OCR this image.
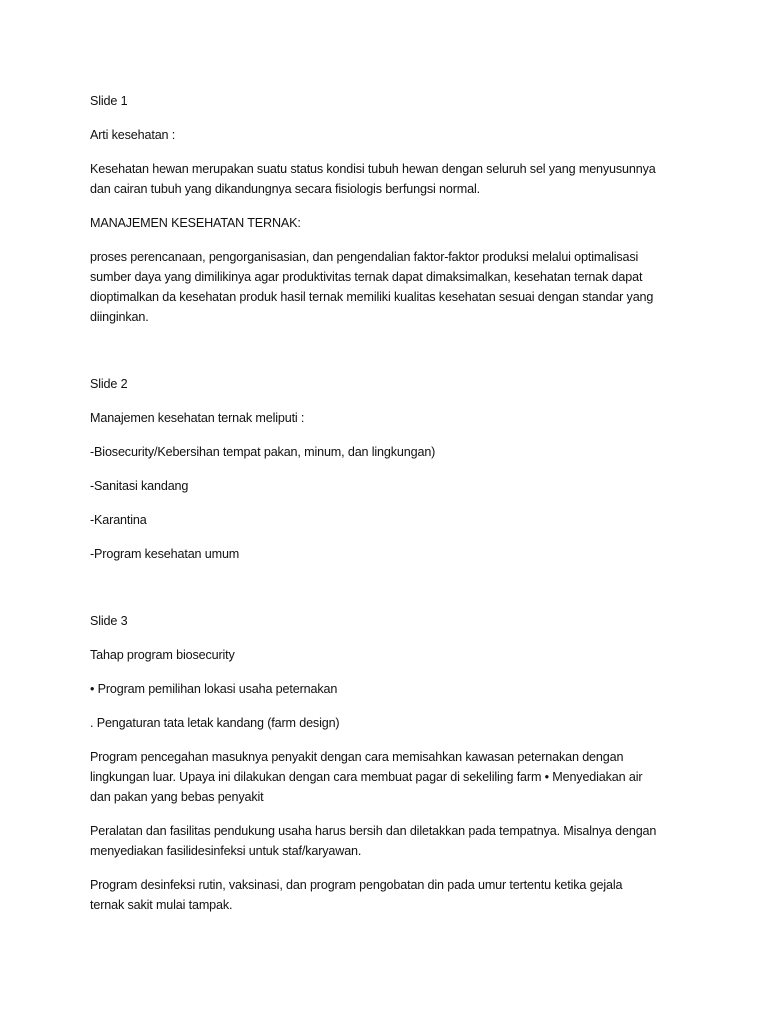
Slide 1

Arti kesehatan :

Kesehatan hewan merupakan suatu status kondisi tubuh hewan dengan seluruh sel yang menyusunnya
dan cairan tubuh yang dikandungnya secara fisiologis berfungsi normal.

MANAJEMEN KESEHATAN TERNAK:

proses perencanaan, pengorganisasian, dan pengendalian faktor-faktor produksi melalui optimalisasi
sumber daya yang dimilikinya agar produktivitas ternak dapat dimaksimalkan, kesehatan ternak dapat
dioptimalkan da kesehatan produk hasil ternak memiliki kualitas kesehatan sesuai dengan standar yang
diinginkan.

Slide 2

Manajemen kesehatan ternak meliputi :

-Biosecurity/Kebersihan tempat pakan, minum, dan lingkungan)

-Sanitasi kandang

-Karantina

-Program kesehatan umum

Slide 3

Tahap program biosecurity

• Program pemilihan lokasi usaha peternakan

. Pengaturan tata letak kandang (farm design)

Program pencegahan masuknya penyakit dengan cara memisahkan kawasan peternakan dengan
lingkungan luar. Upaya ini dilakukan dengan cara membuat pagar di sekeliling farm • Menyediakan air
dan pakan yang bebas penyakit

Peralatan dan fasilitas pendukung usaha harus bersih dan diletakkan pada tempatnya. Misalnya dengan
menyediakan fasilidesinfeksi untuk staf/karyawan.

Program desinfeksi rutin, vaksinasi, dan program pengobatan din pada umur tertentu ketika gejala
ternak sakit mulai tampak.
